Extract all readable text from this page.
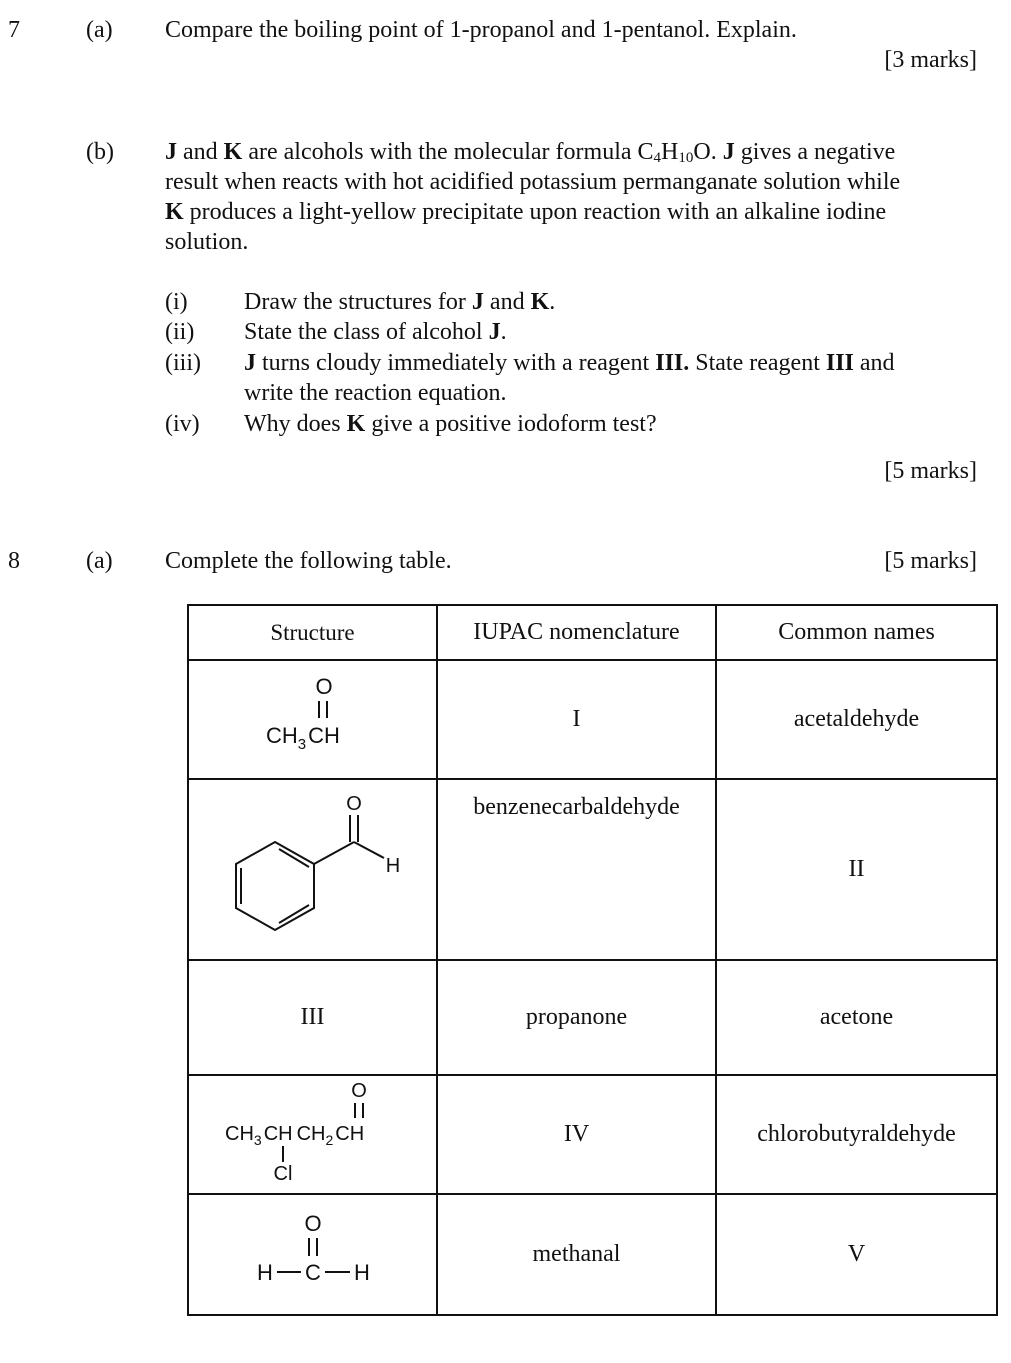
7	(a) Compare the boiling point of 1-propanol and 1-pentanol. Explain.
[3 marks]
(b) J and K are alcohols with the molecular formula $C_4H_{10}O$. J gives a negative
result when reacts with hot acidified potassium permanganate solution while
K produces a light-yellow precipitate upon reaction with an alkaline iodine
solution.
(i) Draw the structures for J and K.
(ii) State the class of alcohol J.
(iii) J turns cloudy immediately with a reagent III. State reagent III and
write the reaction equation.
(iv) Why does K give a positive iodoform test?
[5 marks]
8	(a) Complete the following table.	[5 marks]
Structure	IUPAC nomenclature	Common names

O
$CH_3CH$	I	acetaldehyde

O
H	benzenecarbaldehyde	II
III	propanone	acetone

O
$CH_3$ CH $CH_2$ CH
Cl	IV	chlorobutyraldehyde

O
H C H	methanal	V
